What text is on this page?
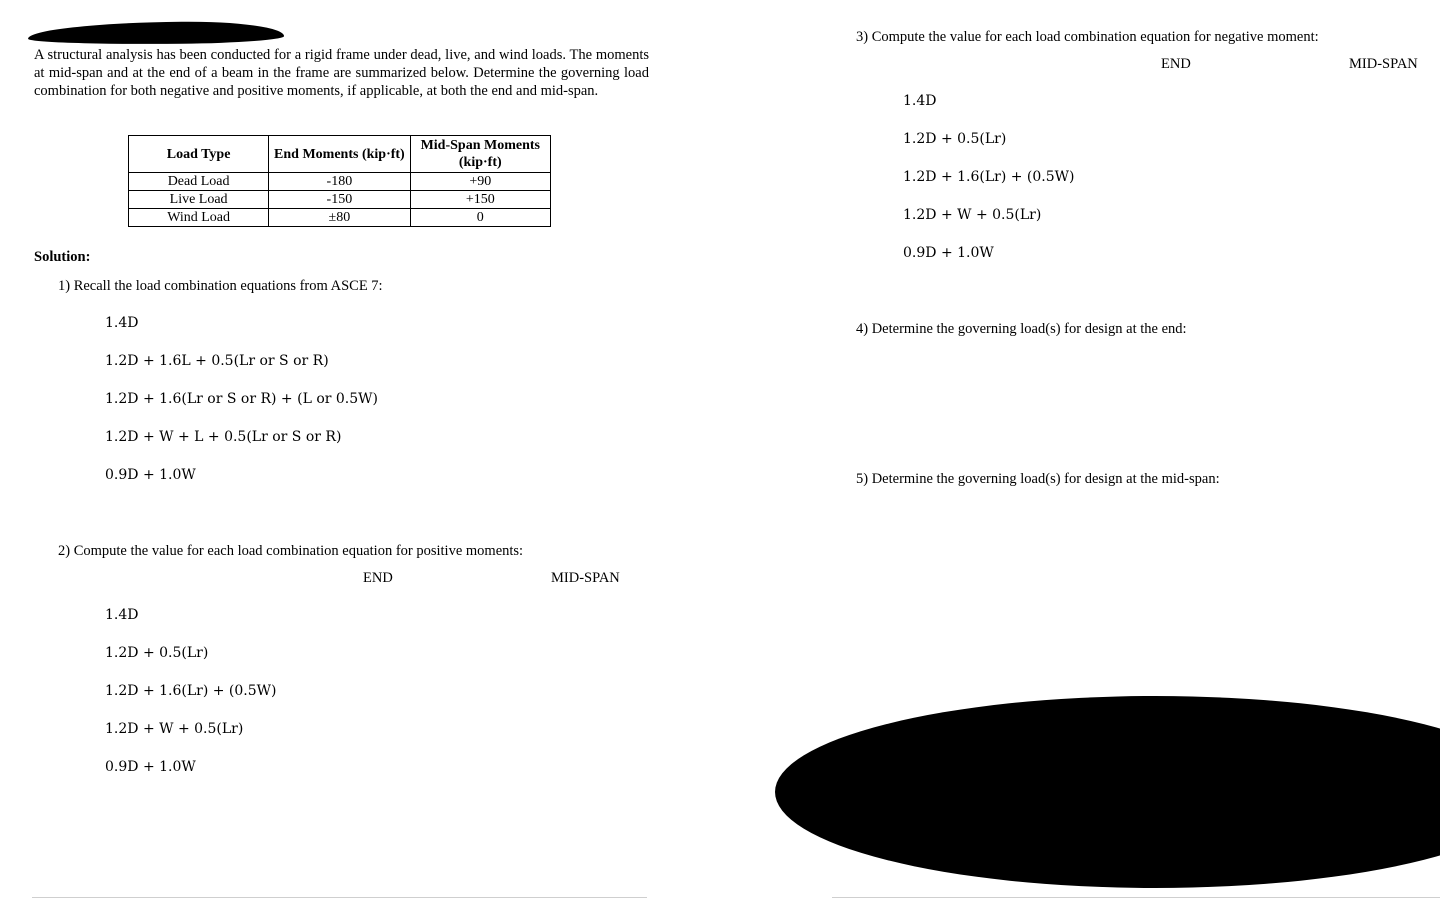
A structural analysis has been conducted for a rigid frame under dead, live, and wind loads. The moments at mid-span and at the end of a beam in the frame are summarized below. Determine the governing load combination for both negative and positive moments, if applicable, at both the end and mid-span.
Load Type	End Moments (kip·ft)	Mid-Span Moments (kip·ft)
Dead Load	-180	+90
Live Load	-150	+150
Wind Load	±80	0
Solution:
1) Recall the load combination equations from ASCE 7:
1.4D
1.2D + 1.6L + 0.5(Lr or S or R)
1.2D + 1.6(Lr or S or R) + (L or 0.5W)
1.2D + W + L + 0.5(Lr or S or R)
0.9D + 1.0W
2) Compute the value for each load combination equation for positive moments:
END	MID-SPAN
1.4D
1.2D + 0.5(Lr)
1.2D + 1.6(Lr) + (0.5W)
1.2D + W + 0.5(Lr)
0.9D + 1.0W
3) Compute the value for each load combination equation for negative moment:
END	MID-SPAN
1.4D
1.2D + 0.5(Lr)
1.2D + 1.6(Lr) + (0.5W)
1.2D + W + 0.5(Lr)
0.9D + 1.0W
4) Determine the governing load(s) for design at the end:
5) Determine the governing load(s) for design at the mid-span:
